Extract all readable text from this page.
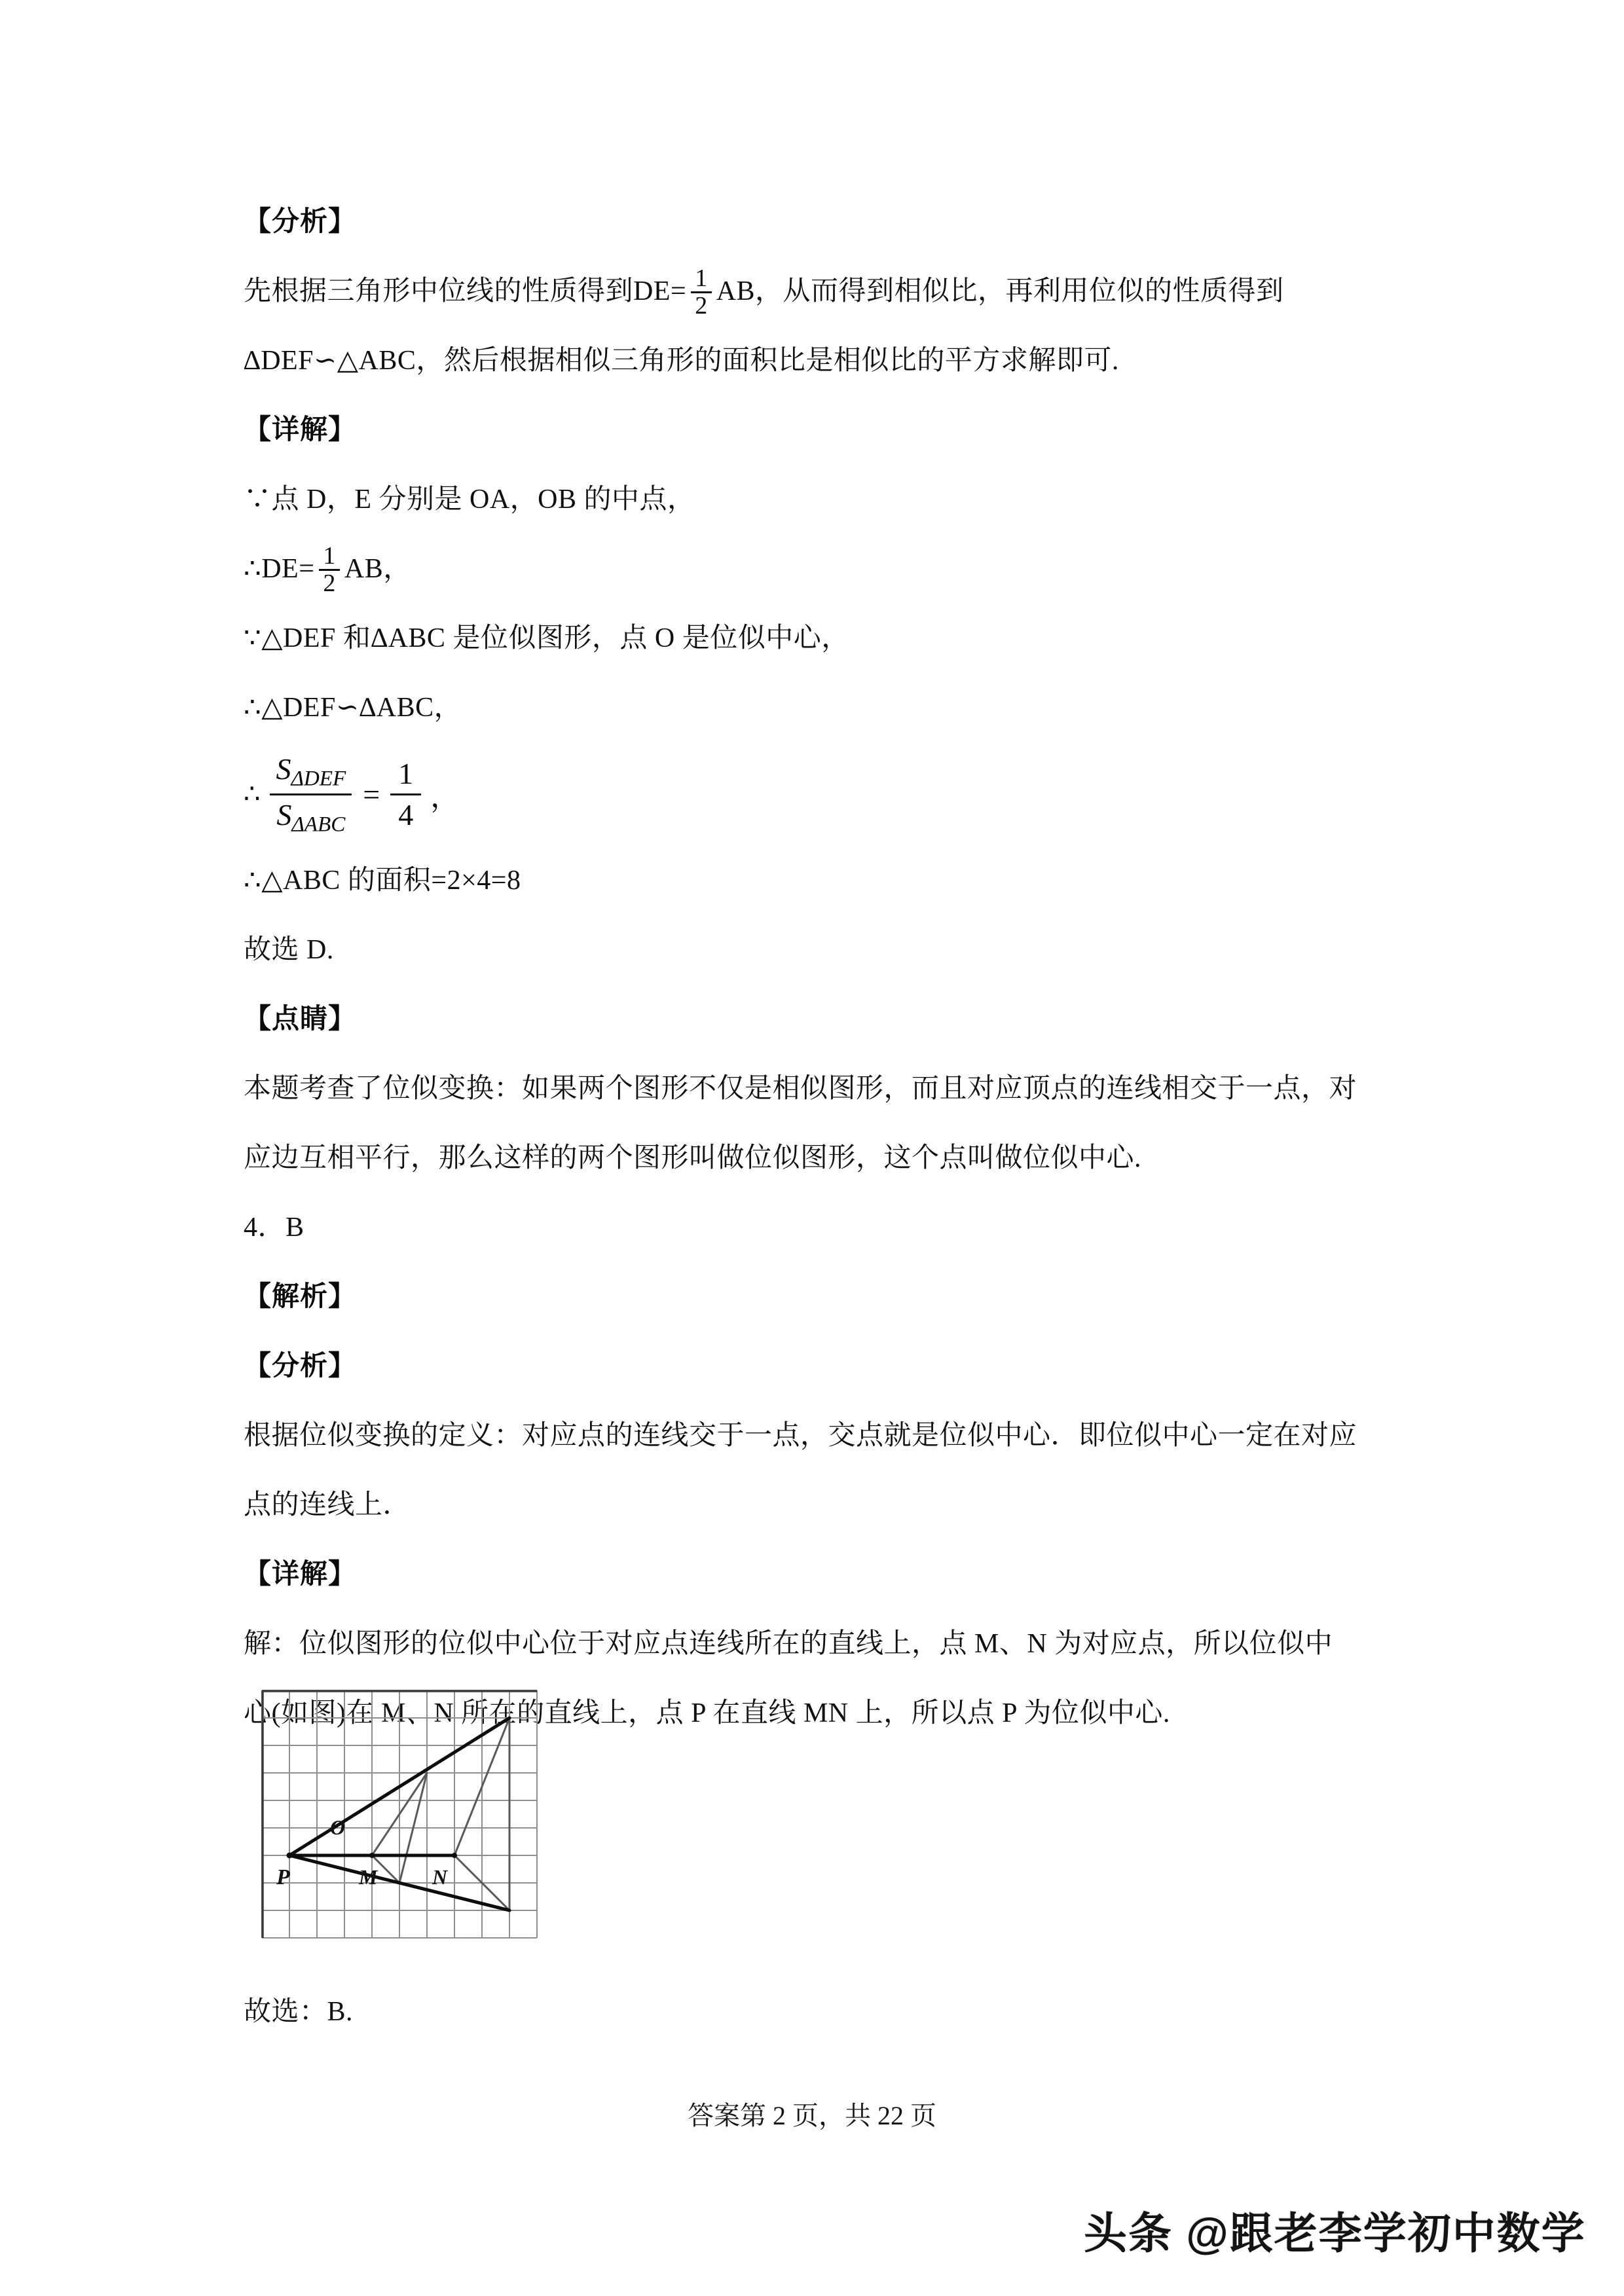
【分析】
先根据三角形中位线的性质得到$DE= \frac{1}{2}$ AB，从而得到相似比，再利用位似的性质得到
∆DEF∽△ABC，然后根据相似三角形的面积比是相似比的平方求解即可.
【详解】
∵点 D，E 分别是 OA，OB 的中点，
∴DE= $\frac{1}{2}$ AB，
∵△DEF 和∆ABC 是位似图形，点 O 是位似中心，
∴△DEF∽∆ABC，
∴ $\frac{S_{\Delta DEF}}{S_{\Delta ABC}} = \frac{1}{4}$ ，
∴△ABC 的面积=2×4=8
故选 D.
【点睛】
本题考查了位似变换：如果两个图形不仅是相似图形，而且对应顶点的连线相交于一点，对
应边互相平行，那么这样的两个图形叫做位似图形，这个点叫做位似中心.
4．B
【解析】
【分析】
根据位似变换的定义：对应点的连线交于一点，交点就是位似中心．即位似中心一定在对应
点的连线上．
【详解】
解：位似图形的位似中心位于对应点连线所在的直线上，点 M、N 为对应点，所以位似中
心(如图)在 M、N 所在的直线上，点 P 在直线 MN 上，所以点 P 为位似中心.
P
O
M	N
故选：B.
答案第 2 页，共 22 页
头条 @跟老李学初中数学
